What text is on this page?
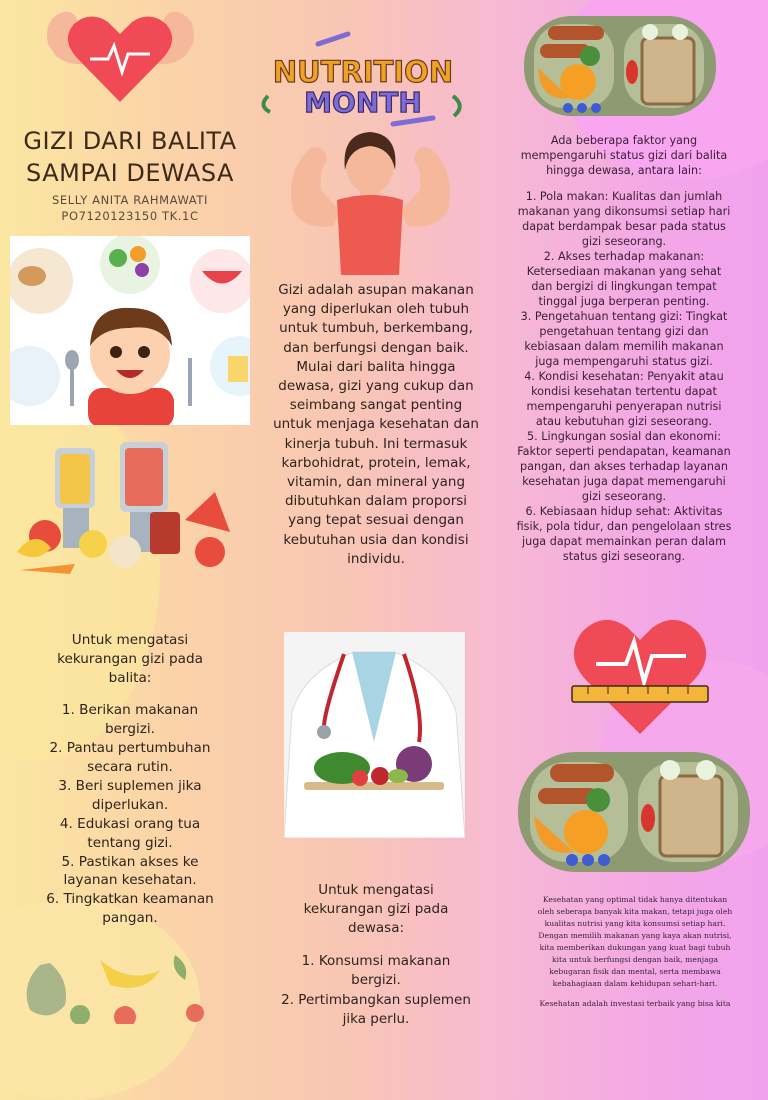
GIZI DARI BALITA
SAMPAI DEWASA
SELLY ANITA RAHMAWATI
PO7120123150 TK.1C
Untuk mengatasi
kekurangan gizi pada
balita:
1. Berikan makanan
bergizi.
2. Pantau pertumbuhan
secara rutin.
3. Beri suplemen jika
diperlukan.
4. Edukasi orang tua
tentang gizi.
5. Pastikan akses ke
layanan kesehatan.
6. Tingkatkan keamanan
pangan.
NUTRITION
MONTH
Gizi adalah asupan makanan
yang diperlukan oleh tubuh
untuk tumbuh, berkembang,
dan berfungsi dengan baik.
Mulai dari balita hingga
dewasa, gizi yang cukup dan
seimbang sangat penting
untuk menjaga kesehatan dan
kinerja tubuh. Ini termasuk
karbohidrat, protein, lemak,
vitamin, dan mineral yang
dibutuhkan dalam proporsi
yang tepat sesuai dengan
kebutuhan usia dan kondisi
individu.
Untuk mengatasi
kekurangan gizi pada
dewasa:
1. Konsumsi makanan
bergizi.
2. Pertimbangkan suplemen
jika perlu.
Ada beberapa faktor yang
mempengaruhi status gizi dari balita
hingga dewasa, antara lain:
1. Pola makan: Kualitas dan jumlah
makanan yang dikonsumsi setiap hari
dapat berdampak besar pada status
gizi seseorang.
2. Akses terhadap makanan:
Ketersediaan makanan yang sehat
dan bergizi di lingkungan tempat
tinggal juga berperan penting.
3. Pengetahuan tentang gizi: Tingkat
pengetahuan tentang gizi dan
kebiasaan dalam memilih makanan
juga mempengaruhi status gizi.
4. Kondisi kesehatan: Penyakit atau
kondisi kesehatan tertentu dapat
mempengaruhi penyerapan nutrisi
atau kebutuhan gizi seseorang.
5. Lingkungan sosial dan ekonomi:
Faktor seperti pendapatan, keamanan
pangan, dan akses terhadap layanan
kesehatan juga dapat memengaruhi
gizi seseorang.
6. Kebiasaan hidup sehat: Aktivitas
fisik, pola tidur, dan pengelolaan stres
juga dapat memainkan peran dalam
status gizi seseorang.
Kesehatan yang optimal tidak hanya ditentukan
oleh seberapa banyak kita makan, tetapi juga oleh
kualitas nutrisi yang kita konsumsi setiap hari.
Dengan memilih makanan yang kaya akan nutrisi,
kita memberikan dukungan yang kuat bagi tubuh
kita untuk berfungsi dengan baik, menjaga
kebugaran fisik dan mental, serta membawa
kebahagiaan dalam kehidupan sehari-hari.
Kesehatan adalah investasi terbaik yang bisa kita
